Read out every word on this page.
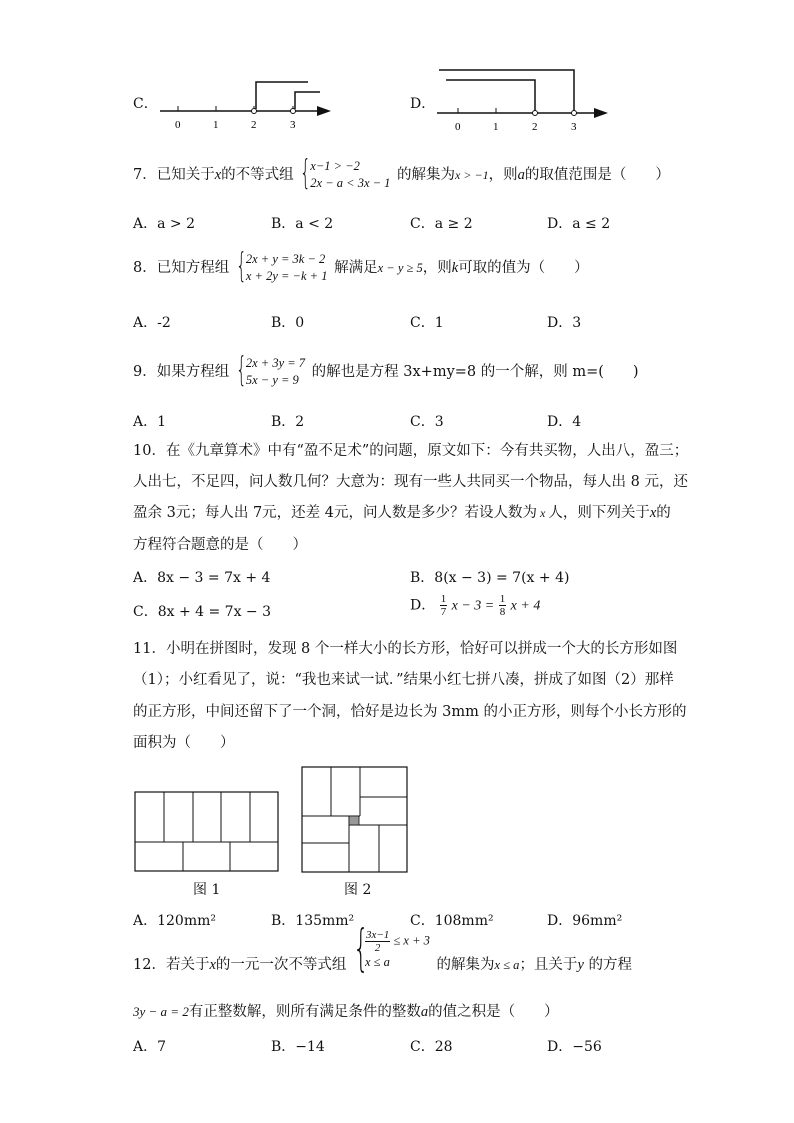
C．
0	1	2	3
D．
0	1	2	3
7．已知关于x的不等式组 { x−1 > −2
2x − a < 3x − 1 的解集为x > −1，则a的取值范围是（　　）
A．a > 2	B．a < 2	C．a ≥ 2	D．a ≤ 2
8．已知方程组 { 2x + y = 3k − 2
x + 2y = −k + 1 解满足x − y ≥ 5，则k可取的值为（　　）
A．-2	B．0	C．1	D．3
9．如果方程组 { 2x + 3y = 7
5x − y = 9 的解也是方程 3x+my=8 的一个解，则 m=(　　)
A．1	B．2	C．3	D．4
10．在《九章算术》中有“盈不足术”的问题，原文如下：今有共买物，人出八，盈三；
人出七，不足四，问人数几何？大意为：现有一些人共同买一个物品，每人出 8 元，还
盈余 3元；每人出 7元，还差 4元，问人数是多少？若设人数为 x 人，则下列关于x的
方程符合题意的是（　　）
A．8x − 3 = 7x + 4	B．8(x − 3) = 7(x + 4)
C．8x + 4 = 7x − 3	D． $\frac{1}{7}$ $x - 3 = \frac{1}{8}$ x + 4
11．小明在拼图时，发现 8 个一样大小的长方形，恰好可以拼成一个大的长方形如图
（1）；小红看见了，说：“我也来试一试．”结果小红七拼八凑，拼成了如图（2）那样
的正方形，中间还留下了一个洞，恰好是边长为 3mm 的小正方形，则每个小长方形的
面积为（　　）
图 1	图 2
A．120mm²	B．135mm²	C．108mm²	D．96mm²
12．若关于x的一元一次不等式组 {
$\frac{3x-1}{2} \le x + 3$
x ≤ a	的解集为x ≤ a；且关于y 的方程
3y − a = 2有正整数解，则所有满足条件的整数a的值之积是（　　）
A．7	B．−14	C．28	D．−56
